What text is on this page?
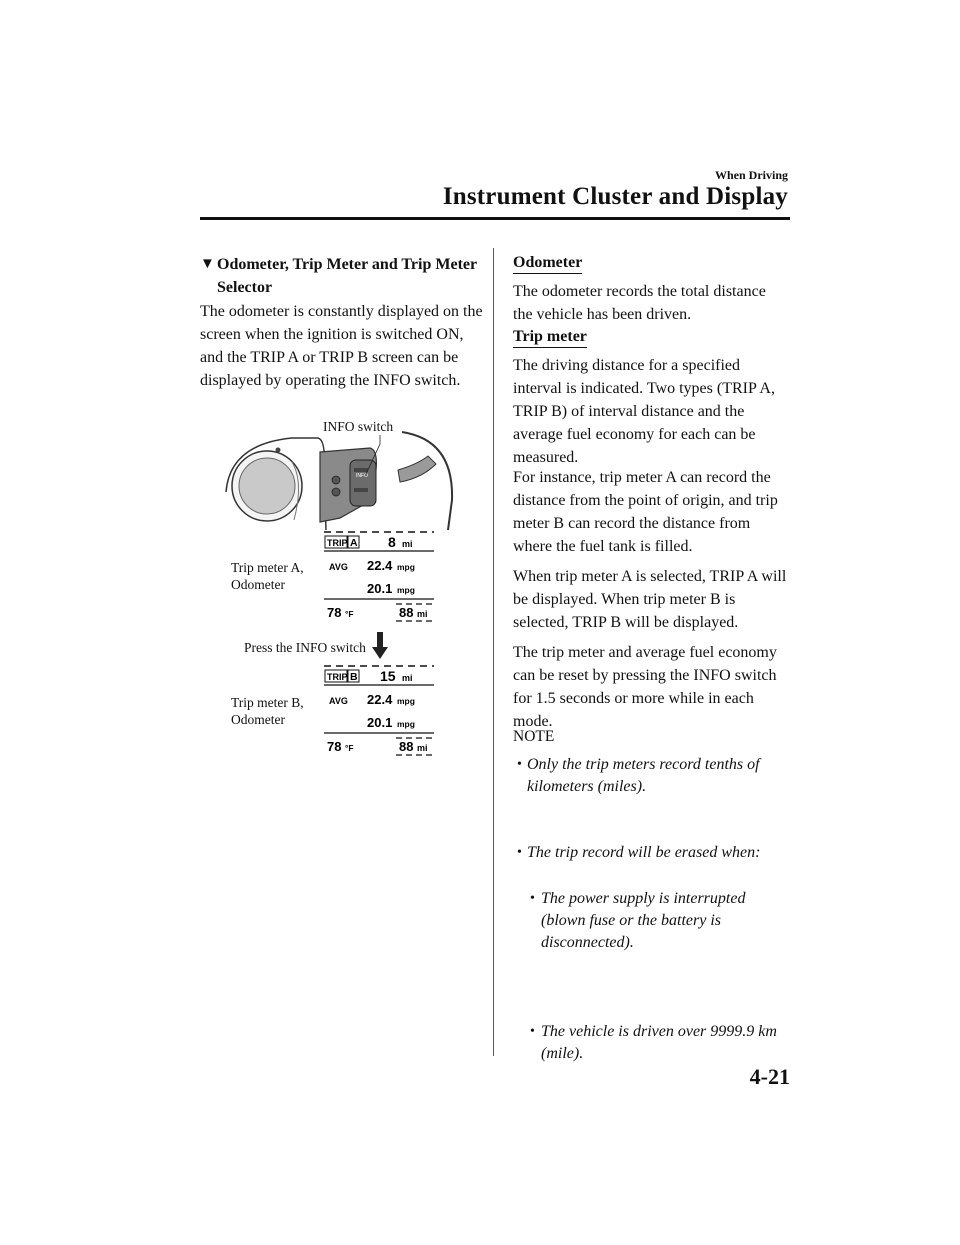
When Driving
Instrument Cluster and Display
▼ Odometer, Trip Meter and Trip Meter Selector

The odometer is constantly displayed on the screen when the ignition is switched ON, and the TRIP A or TRIP B screen can be displayed by operating the INFO switch.

INFO
INFO switch
Trip meter A,
Odometer
TRIP A 8 mi
AVG 22.4 mpg
20.1 mpg
78 °F	88 mi
Press the INFO switch
Trip meter B,
Odometer
TRIP B 15 mi
AVG 22.4 mpg
20.1 mpg
78 °F	88 mi
Odometer

The odometer records the total distance the vehicle has been driven.

Trip meter

The driving distance for a specified interval is indicated. Two types (TRIP A, TRIP B) of interval distance and the average fuel economy for each can be measured.

For instance, trip meter A can record the distance from the point of origin, and trip meter B can record the distance from where the fuel tank is filled.

When trip meter A is selected, TRIP A will be displayed. When trip meter B is selected, TRIP B will be displayed.

The trip meter and average fuel economy can be reset by pressing the INFO switch for 1.5 seconds or more while in each mode.

NOTE
• Only the trip meters record tenths of kilometers (miles).
• The trip record will be erased when:
• The power supply is interrupted (blown fuse or the battery is disconnected).
• The vehicle is driven over 9999.9 km (mile).
4-21
